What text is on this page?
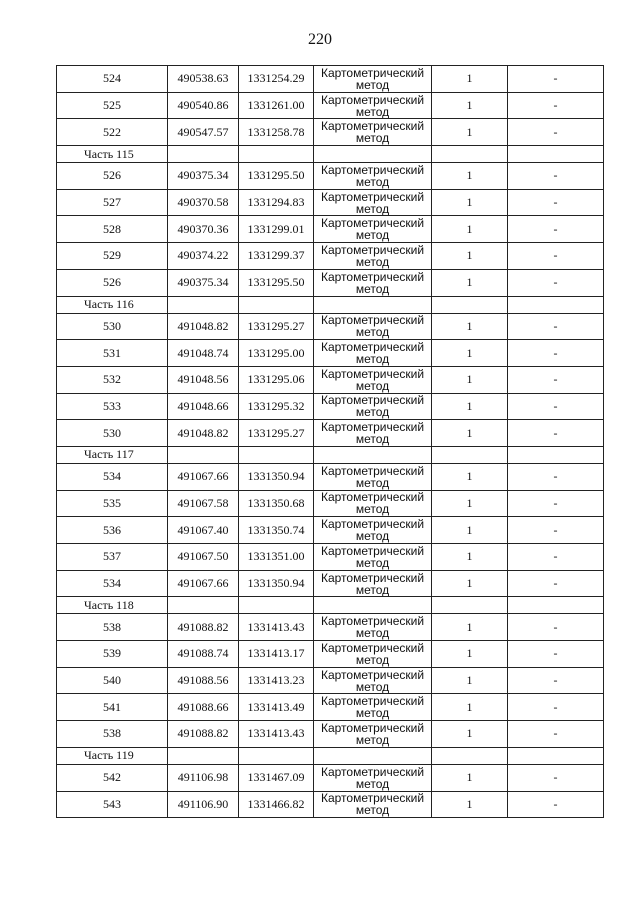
220
524	490538.63	1331254.29	Картометрический
метод	1	-
525	490540.86	1331261.00	Картометрический
метод	1	-
522	490547.57	1331258.78	Картометрический
метод	1	-
Часть 115					
526	490375.34	1331295.50	Картометрический
метод	1	-
527	490370.58	1331294.83	Картометрический
метод	1	-
528	490370.36	1331299.01	Картометрический
метод	1	-
529	490374.22	1331299.37	Картометрический
метод	1	-
526	490375.34	1331295.50	Картометрический
метод	1	-
Часть 116					
530	491048.82	1331295.27	Картометрический
метод	1	-
531	491048.74	1331295.00	Картометрический
метод	1	-
532	491048.56	1331295.06	Картометрический
метод	1	-
533	491048.66	1331295.32	Картометрический
метод	1	-
530	491048.82	1331295.27	Картометрический
метод	1	-
Часть 117					
534	491067.66	1331350.94	Картометрический
метод	1	-
535	491067.58	1331350.68	Картометрический
метод	1	-
536	491067.40	1331350.74	Картометрический
метод	1	-
537	491067.50	1331351.00	Картометрический
метод	1	-
534	491067.66	1331350.94	Картометрический
метод	1	-
Часть 118					
538	491088.82	1331413.43	Картометрический
метод	1	-
539	491088.74	1331413.17	Картометрический
метод	1	-
540	491088.56	1331413.23	Картометрический
метод	1	-
541	491088.66	1331413.49	Картометрический
метод	1	-
538	491088.82	1331413.43	Картометрический
метод	1	-
Часть 119					
542	491106.98	1331467.09	Картометрический
метод	1	-
543	491106.90	1331466.82	Картометрический
метод	1	-
